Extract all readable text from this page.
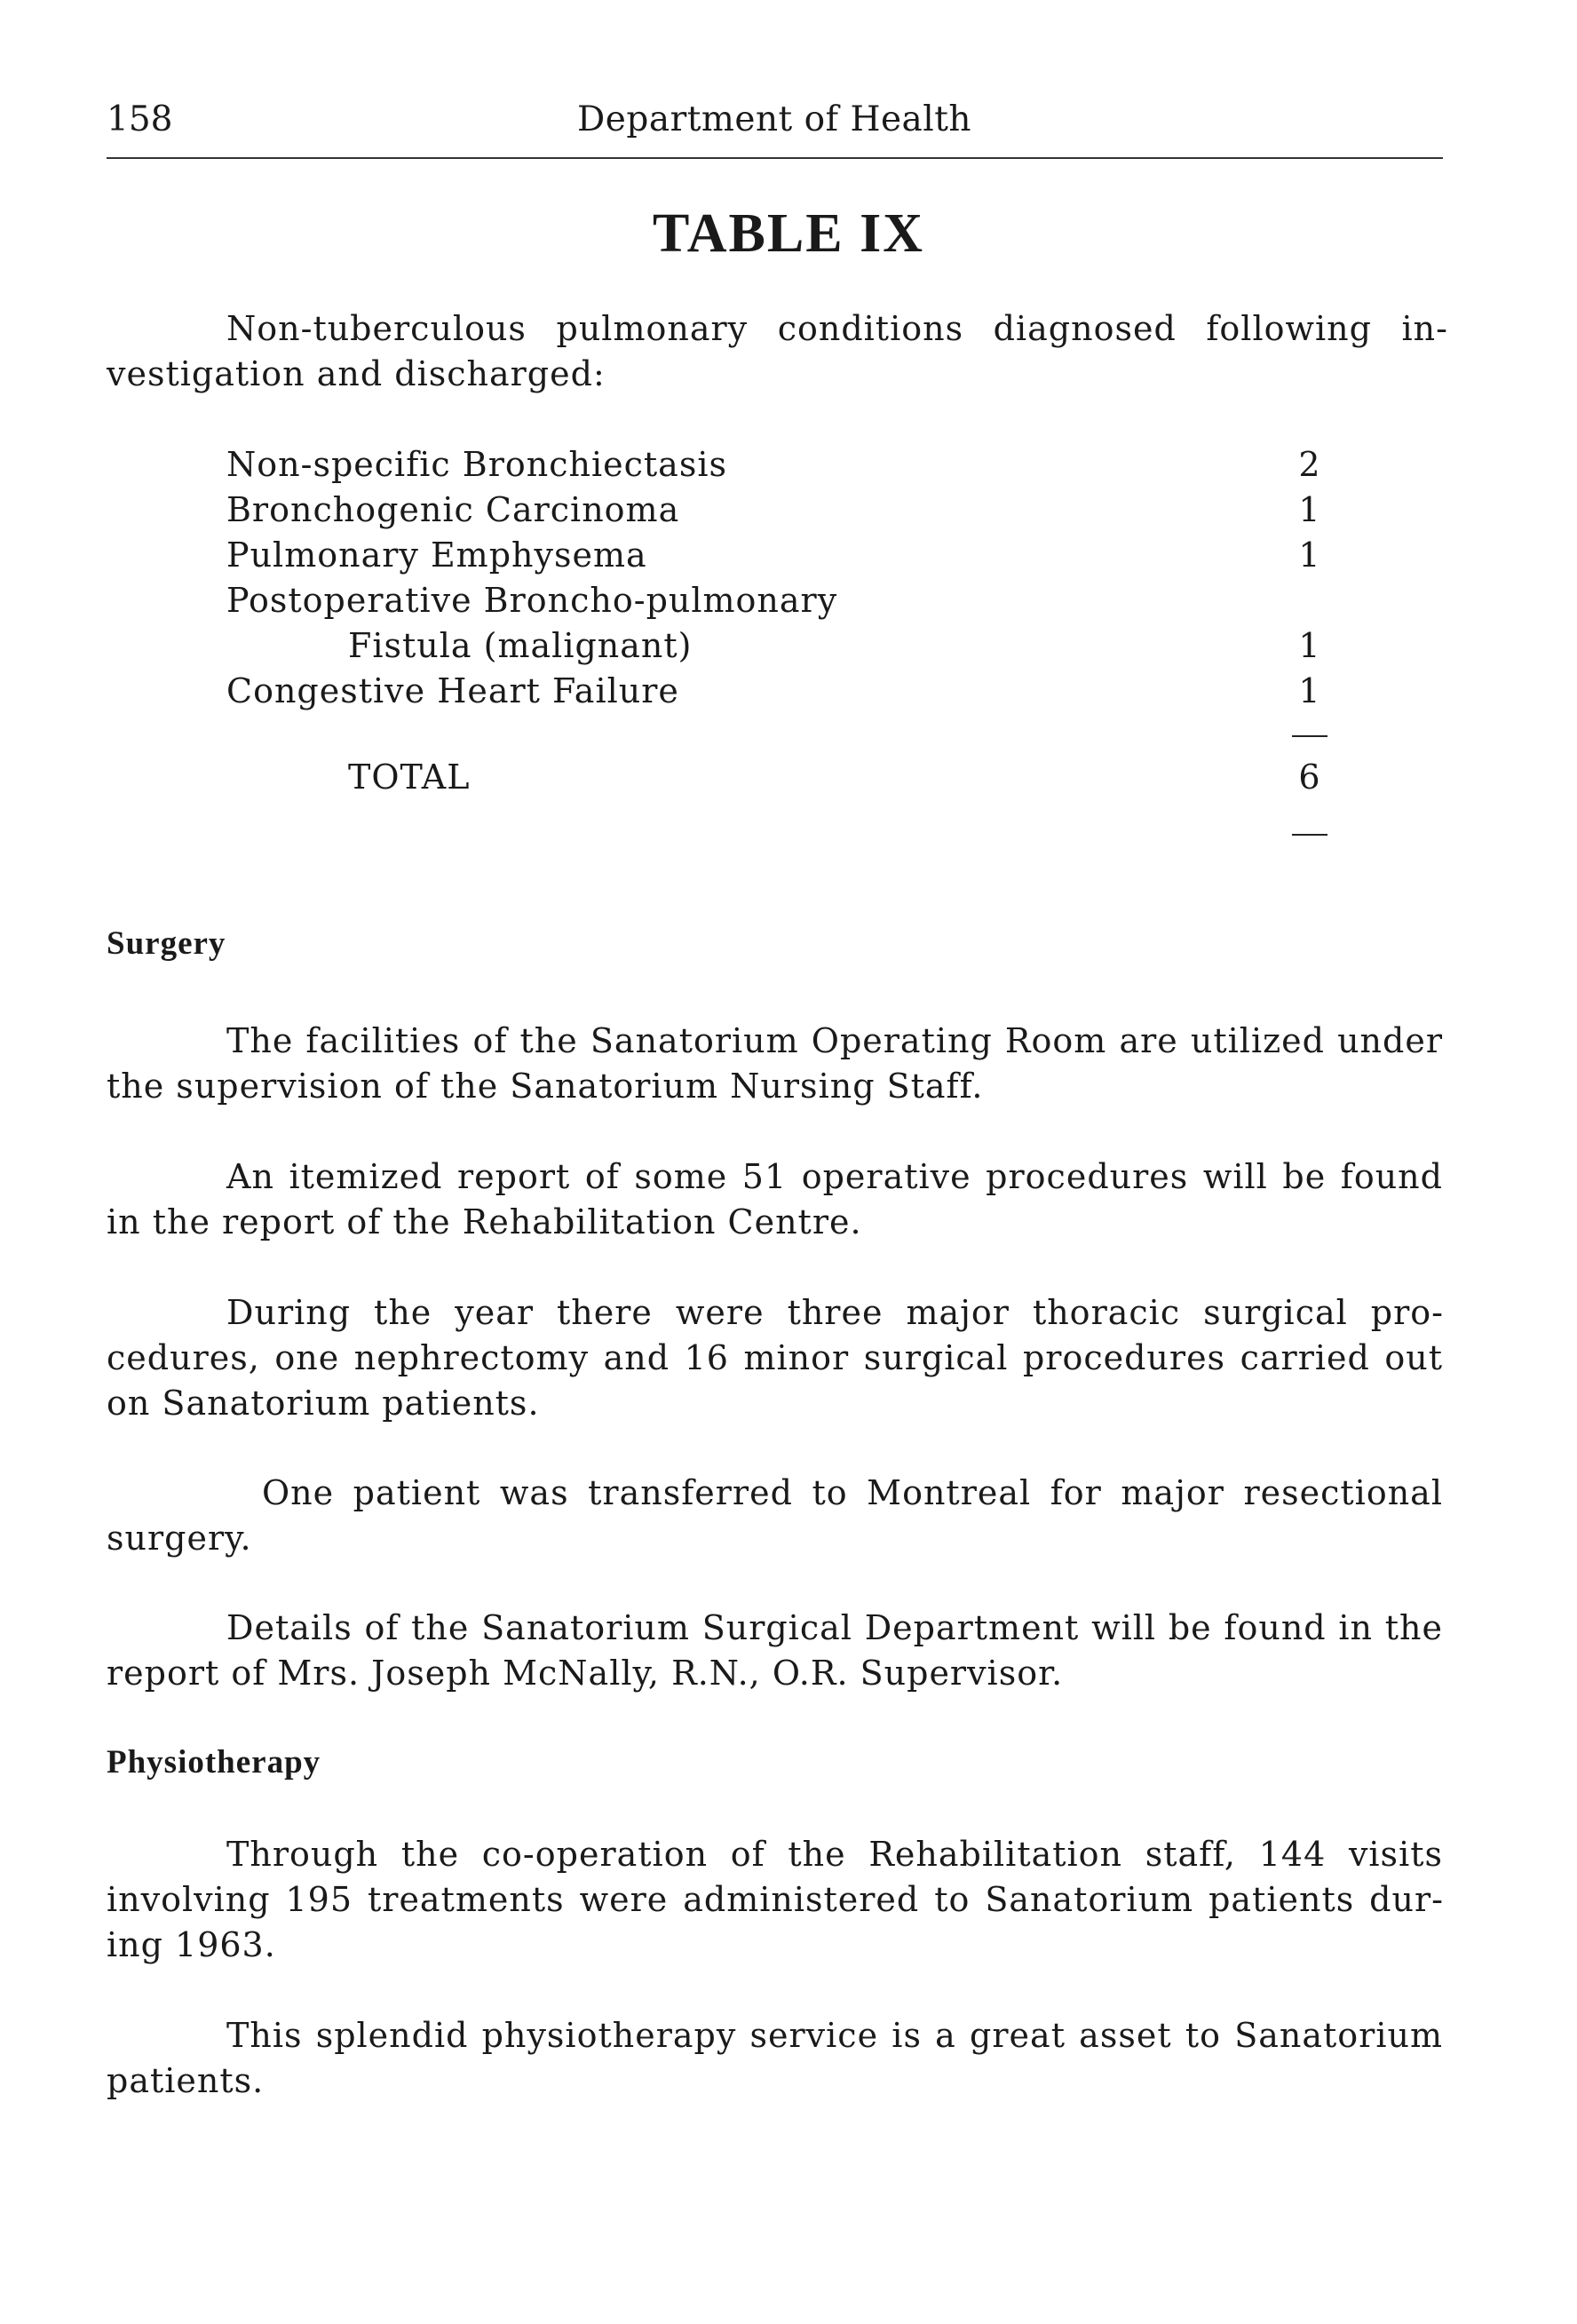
158	Department of Health
TABLE IX
Non-tuberculous pulmonary conditions diagnosed following investigation and discharged:
Non-specific Bronchiectasis	2
Bronchogenic Carcinoma	1
Pulmonary Emphysema	1
Postoperative Broncho-pulmonary
Fistula (malignant)	1
Congestive Heart Failure	1
TOTAL	6
Surgery
The facilities of the Sanatorium Operating Room are utilized under the supervision of the Sanatorium Nursing Staff.
An itemized report of some 51 operative procedures will be found in the report of the Rehabilitation Centre.
During the year there were three major thoracic surgical procedures, one nephrectomy and 16 minor surgical procedures carried out on Sanatorium patients.
One patient was transferred to Montreal for major resectional surgery.
Details of the Sanatorium Surgical Department will be found in the report of Mrs. Joseph McNally, R.N., O.R. Supervisor.
Physiotherapy
Through the co-operation of the Rehabilitation staff, 144 visits involving 195 treatments were administered to Sanatorium patients during 1963.
This splendid physiotherapy service is a great asset to Sanatorium patients.
